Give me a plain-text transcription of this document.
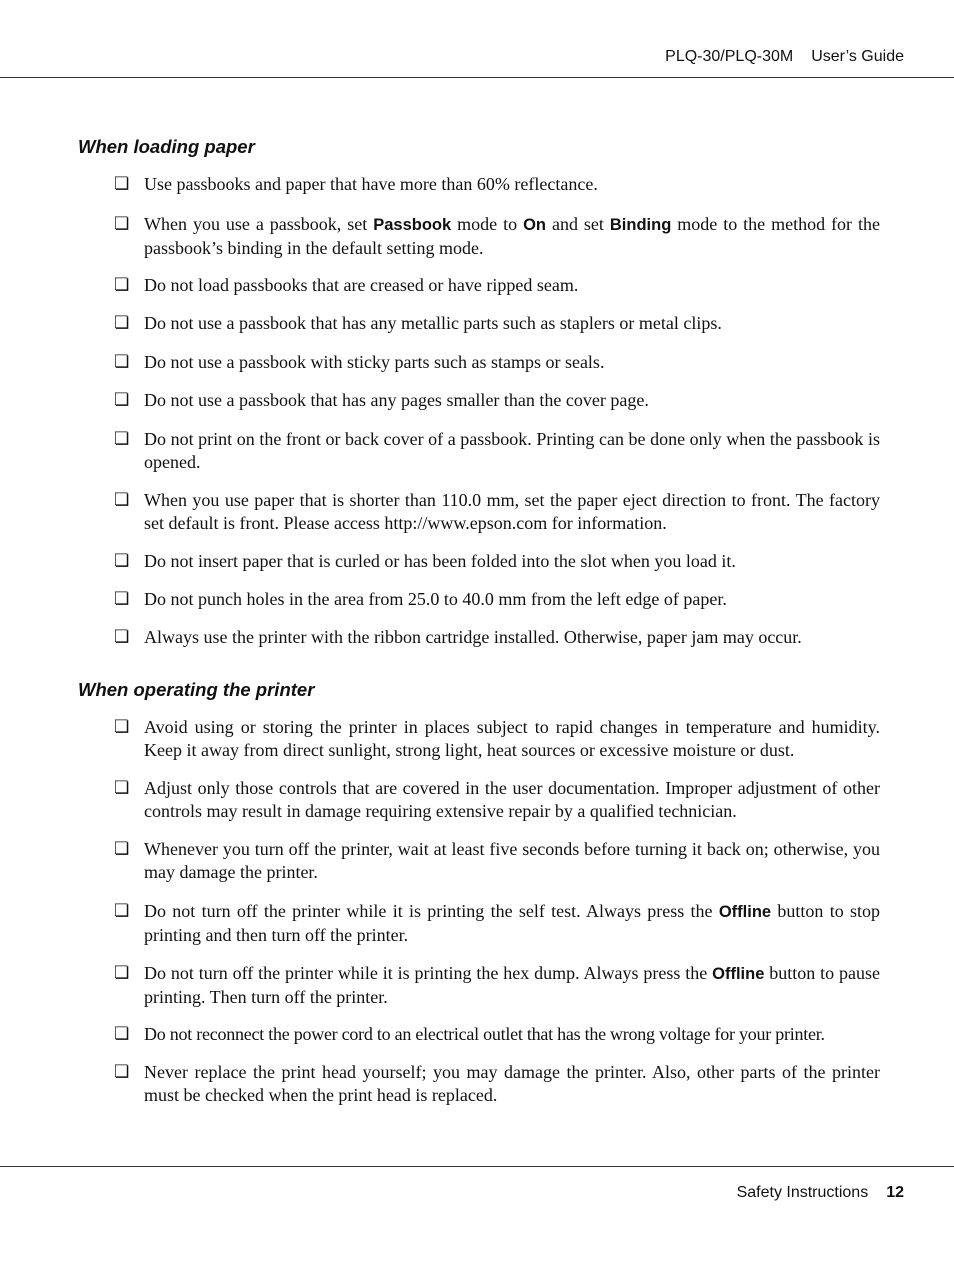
PLQ-30/PLQ-30M User’s Guide
When loading paper
❏ Use passbooks and paper that have more than 60% reflectance.
❏ When you use a passbook, set Passbook mode to On and set Binding mode to the method for the passbook’s binding in the default setting mode.
❏ Do not load passbooks that are creased or have ripped seam.
❏ Do not use a passbook that has any metallic parts such as staplers or metal clips.
❏ Do not use a passbook with sticky parts such as stamps or seals.
❏ Do not use a passbook that has any pages smaller than the cover page.
❏ Do not print on the front or back cover of a passbook. Printing can be done only when the passbook is opened.
❏ When you use paper that is shorter than 110.0 mm, set the paper eject direction to front. The factory set default is front. Please access http://www.epson.com for information.
❏ Do not insert paper that is curled or has been folded into the slot when you load it.
❏ Do not punch holes in the area from 25.0 to 40.0 mm from the left edge of paper.
❏ Always use the printer with the ribbon cartridge installed. Otherwise, paper jam may occur.
❏ Avoid using or storing the printer in places subject to rapid changes in temperature and humidity. Keep it away from direct sunlight, strong light, heat sources or excessive moisture or dust.
❏ Adjust only those controls that are covered in the user documentation. Improper adjustment of other controls may result in damage requiring extensive repair by a qualified technician.
❏ Whenever you turn off the printer, wait at least five seconds before turning it back on; otherwise, you may damage the printer.
❏ Do not turn off the printer while it is printing the self test. Always press the Offline button to stop printing and then turn off the printer.
❏ Do not turn off the printer while it is printing the hex dump. Always press the Offline button to pause printing. Then turn off the printer.
❏ Do not reconnect the power cord to an electrical outlet that has the wrong voltage for your printer.
❏ Never replace the print head yourself; you may damage the printer. Also, other parts of the printer must be checked when the print head is replaced.
When operating the printer
Safety Instructions 12
